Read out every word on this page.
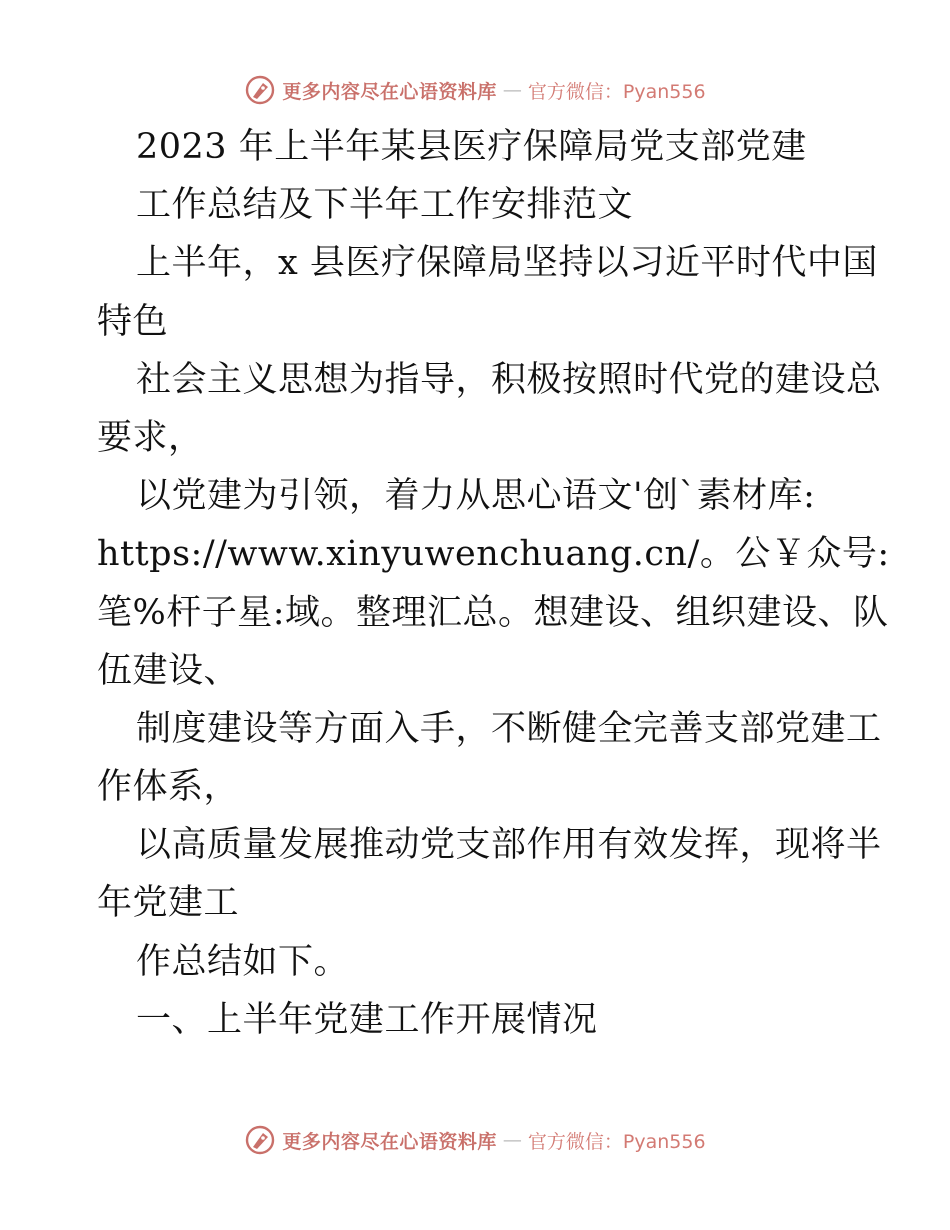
更多内容尽在心语资料库 — 官方微信：Pyan556
2023 年上半年某县医疗保障局党支部党建
工作总结及下半年工作安排范文
上半年，x 县医疗保障局坚持以习近平时代中国
特色
社会主义思想为指导，积极按照时代党的建设总
要求，
以党建为引领，着力从思心语文'创`素材库:
https://www.xinyuwenchuang.cn/。公￥众号:
笔%杆子星:域。整理汇总。想建设、组织建设、队
伍建设、
制度建设等方面入手，不断健全完善支部党建工
作体系，
以高质量发展推动党支部作用有效发挥，现将半
年党建工
作总结如下。
一、上半年党建工作开展情况
更多内容尽在心语资料库 — 官方微信：Pyan556
